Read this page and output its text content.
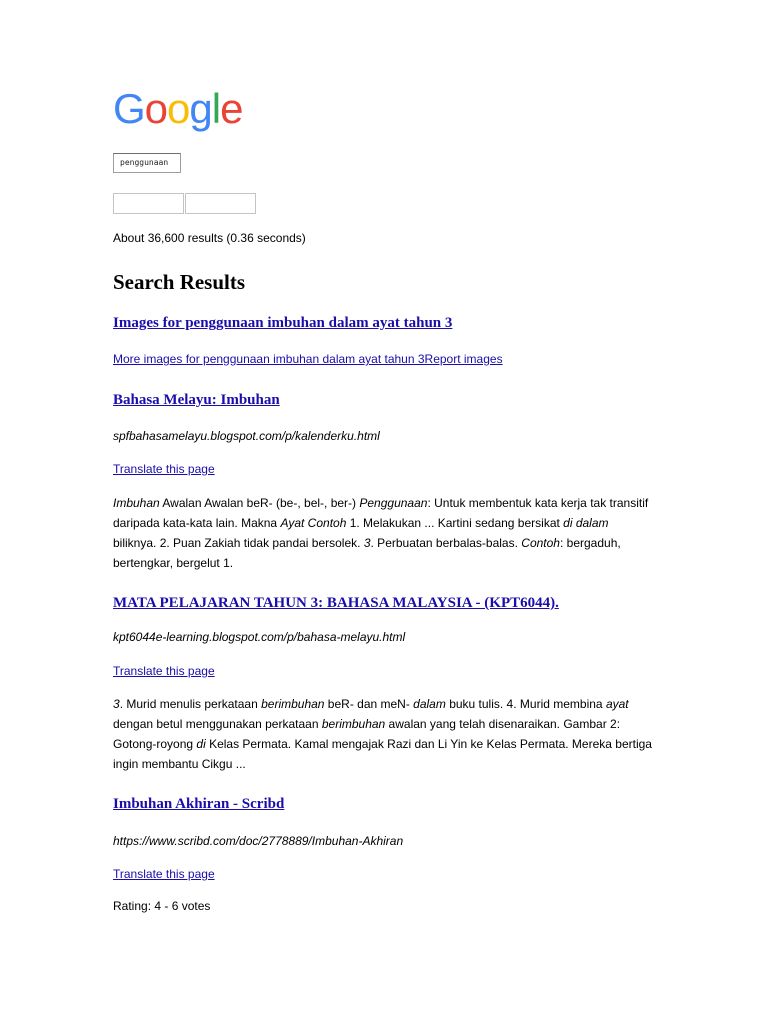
Google
penggunaan
About 36,600 results (0.36 seconds)
Search Results
Images for penggunaan imbuhan dalam ayat tahun 3
More images for penggunaan imbuhan dalam ayat tahun 3Report images
Bahasa Melayu: Imbuhan
spfbahasamelayu.blogspot.com/p/kalenderku.html
Translate this page

Imbuhan Awalan Awalan beR- (be-, bel-, ber-) Penggunaan: Untuk membentuk kata kerja tak transitif daripada kata-kata lain. Makna Ayat Contoh 1. Melakukan ... Kartini sedang bersikat di dalam biliknya. 2. Puan Zakiah tidak pandai bersolek. 3. Perbuatan berbalas-balas. Contoh: bergaduh, bertengkar, bergelut 1.

MATA PELAJARAN TAHUN 3: BAHASA MALAYSIA - (KPT6044).
kpt6044e-learning.blogspot.com/p/bahasa-melayu.html
Translate this page

3. Murid menulis perkataan berimbuhan beR- dan meN- dalam buku tulis. 4. Murid membina ayat dengan betul menggunakan perkataan berimbuhan awalan yang telah disenaraikan. Gambar 2: Gotong-royong di Kelas Permata. Kamal mengajak Razi dan Li Yin ke Kelas Permata. Mereka bertiga ingin membantu Cikgu ...

Imbuhan Akhiran - Scribd
https://www.scribd.com/doc/2778889/Imbuhan-Akhiran
Translate this page
Rating: 4 - 6 votes
